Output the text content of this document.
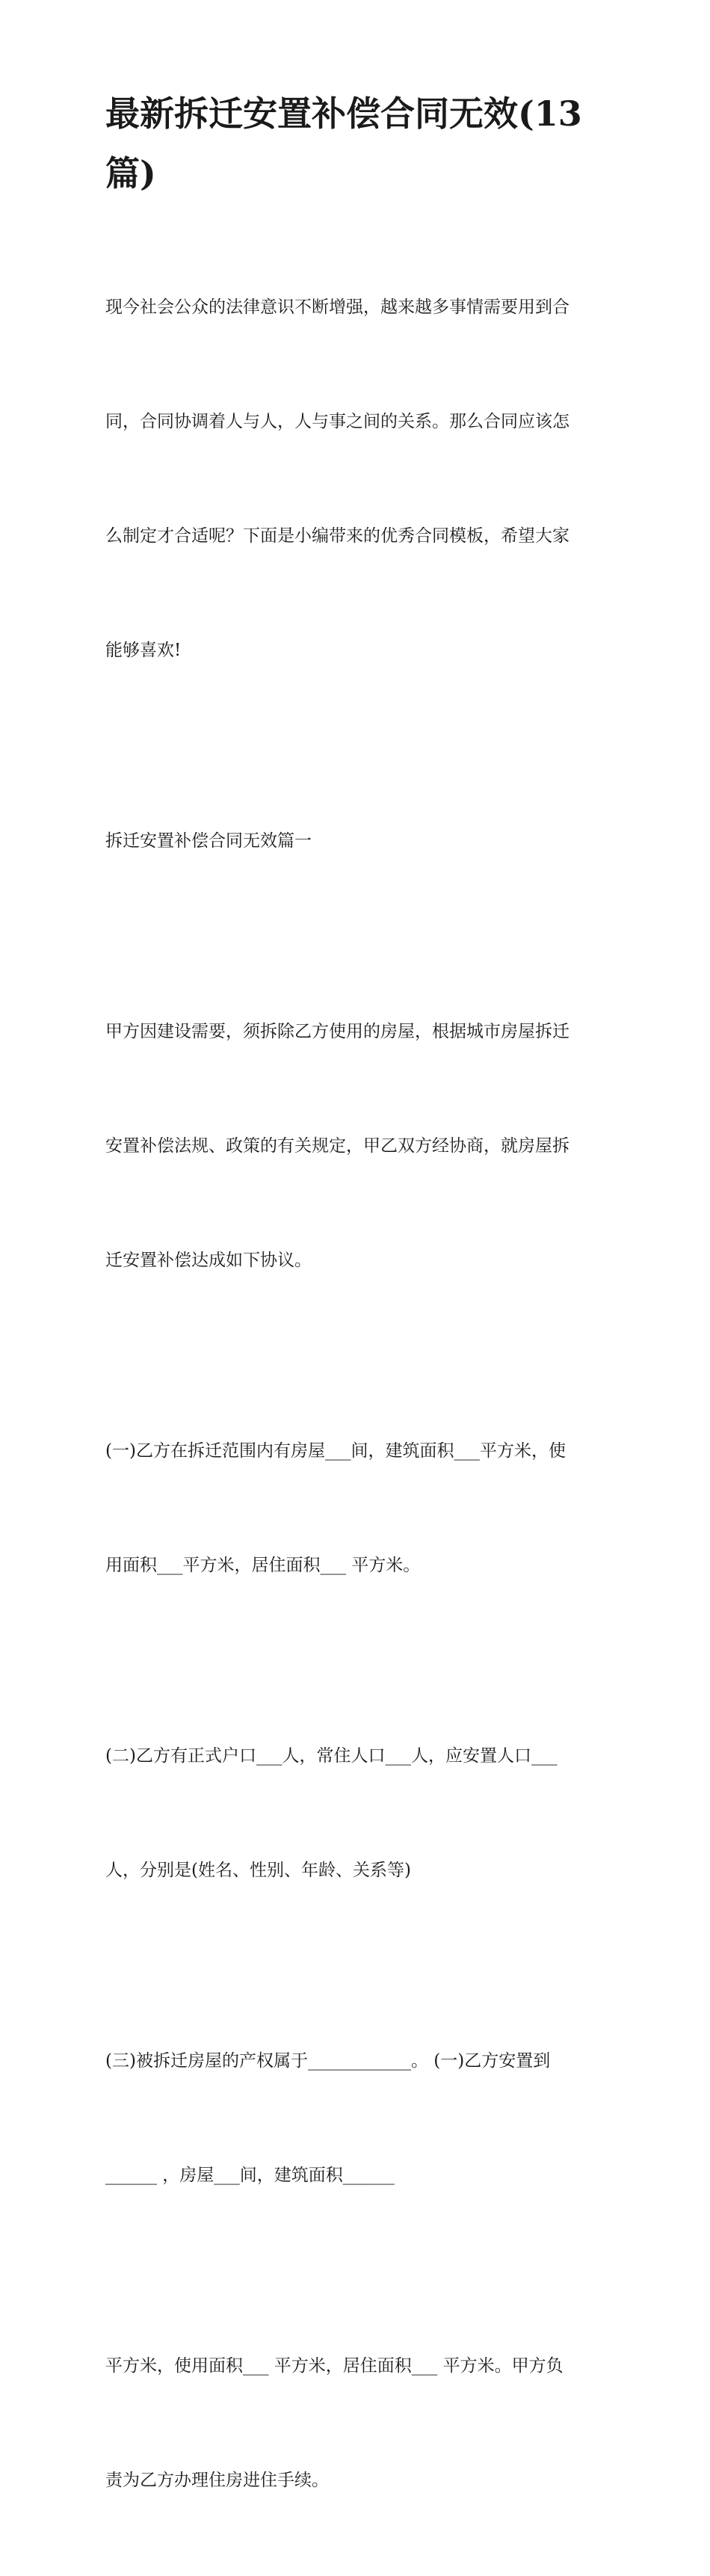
最新拆迁安置补偿合同无效(13
篇)

现今社会公众的法律意识不断增强，越来越多事情需要用到合

同，合同协调着人与人，人与事之间的关系。那么合同应该怎

么制定才合适呢？下面是小编带来的优秀合同模板，希望大家

能够喜欢!

拆迁安置补偿合同无效篇一

甲方因建设需要，须拆除乙方使用的房屋，根据城市房屋拆迁

安置补偿法规、政策的有关规定，甲乙双方经协商，就房屋拆

迁安置补偿达成如下协议。

(一)乙方在拆迁范围内有房屋___间，建筑面积___平方米，使

用面积___平方米，居住面积___ 平方米。

(二)乙方有正式户口___人，常住人口___人，应安置人口___

人，分别是(姓名、性别、年龄、关系等)

(三)被拆迁房屋的产权属于____________。 (一)乙方安置到

______ ，房屋___间，建筑面积______

平方米，使用面积___ 平方米，居住面积___ 平方米。甲方负

责为乙方办理住房进住手续。
